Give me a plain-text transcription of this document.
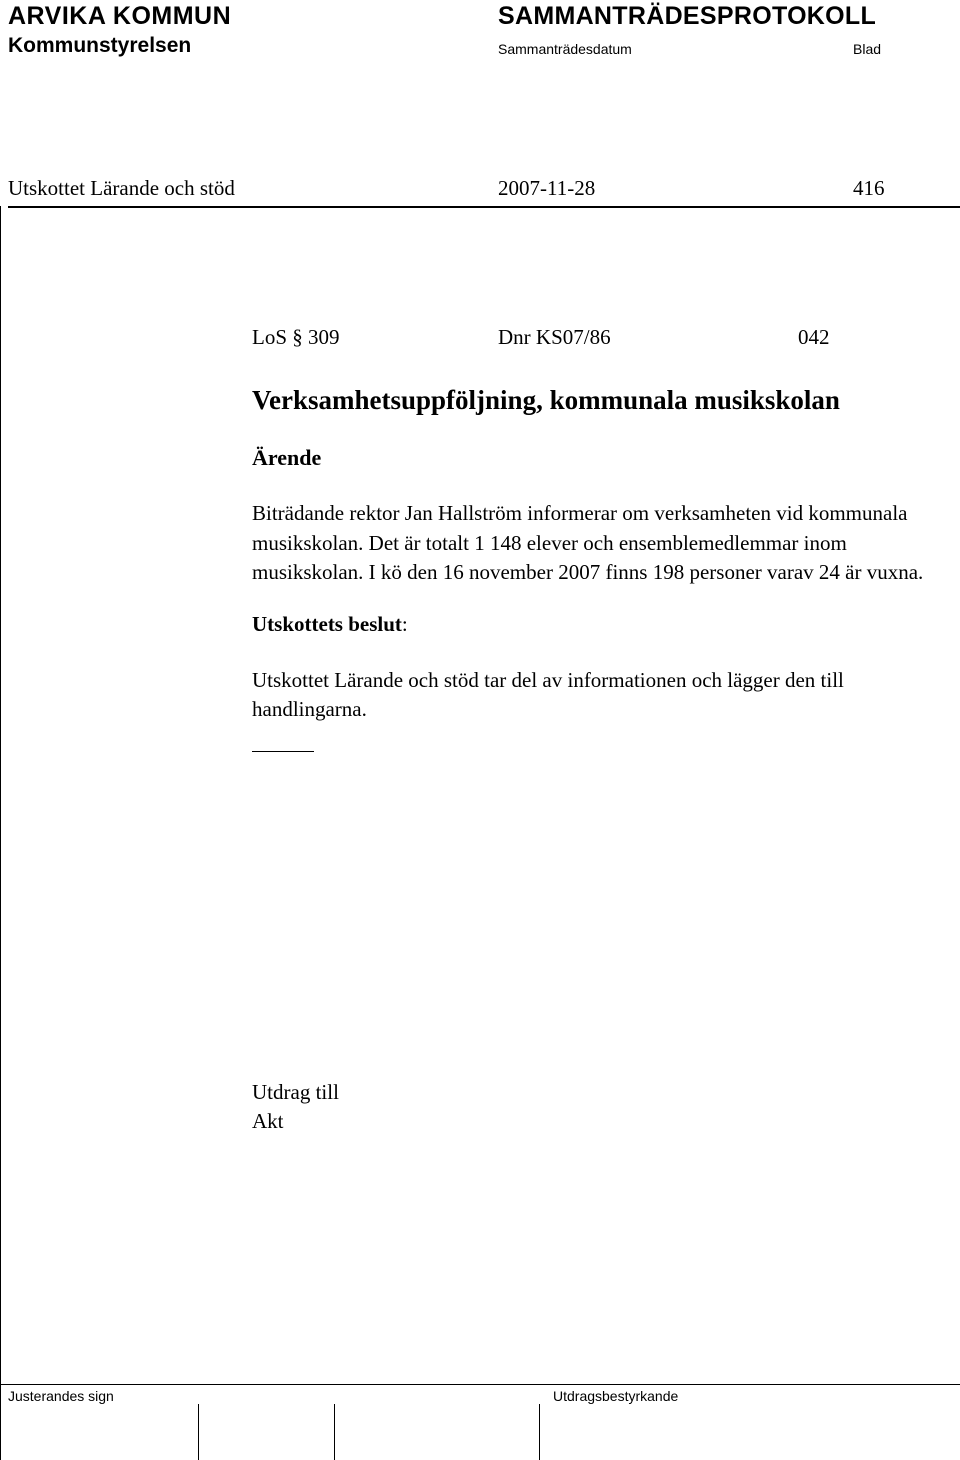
ARVIKA KOMMUN
Kommunstyrelsen
SAMMANTRÄDESPROTOKOLL
Sammanträdesdatum	Blad
Utskottet Lärande och stöd	2007-11-28	416
LoS § 309	Dnr KS07/86	042
Verksamhetsuppföljning, kommunala musikskolan
Ärende
Biträdande rektor Jan Hallström informerar om verksamheten vid kommunala musikskolan. Det är totalt 1 148 elever och ensemblemedlemmar inom musikskolan. I kö den 16 november 2007 finns 198 personer varav 24 är vuxna.
Utskottets beslut:
Utskottet Lärande och stöd tar del av informationen och lägger den till handlingarna.
Utdrag till
Akt
Justerandes sign	Utdragsbestyrkande
